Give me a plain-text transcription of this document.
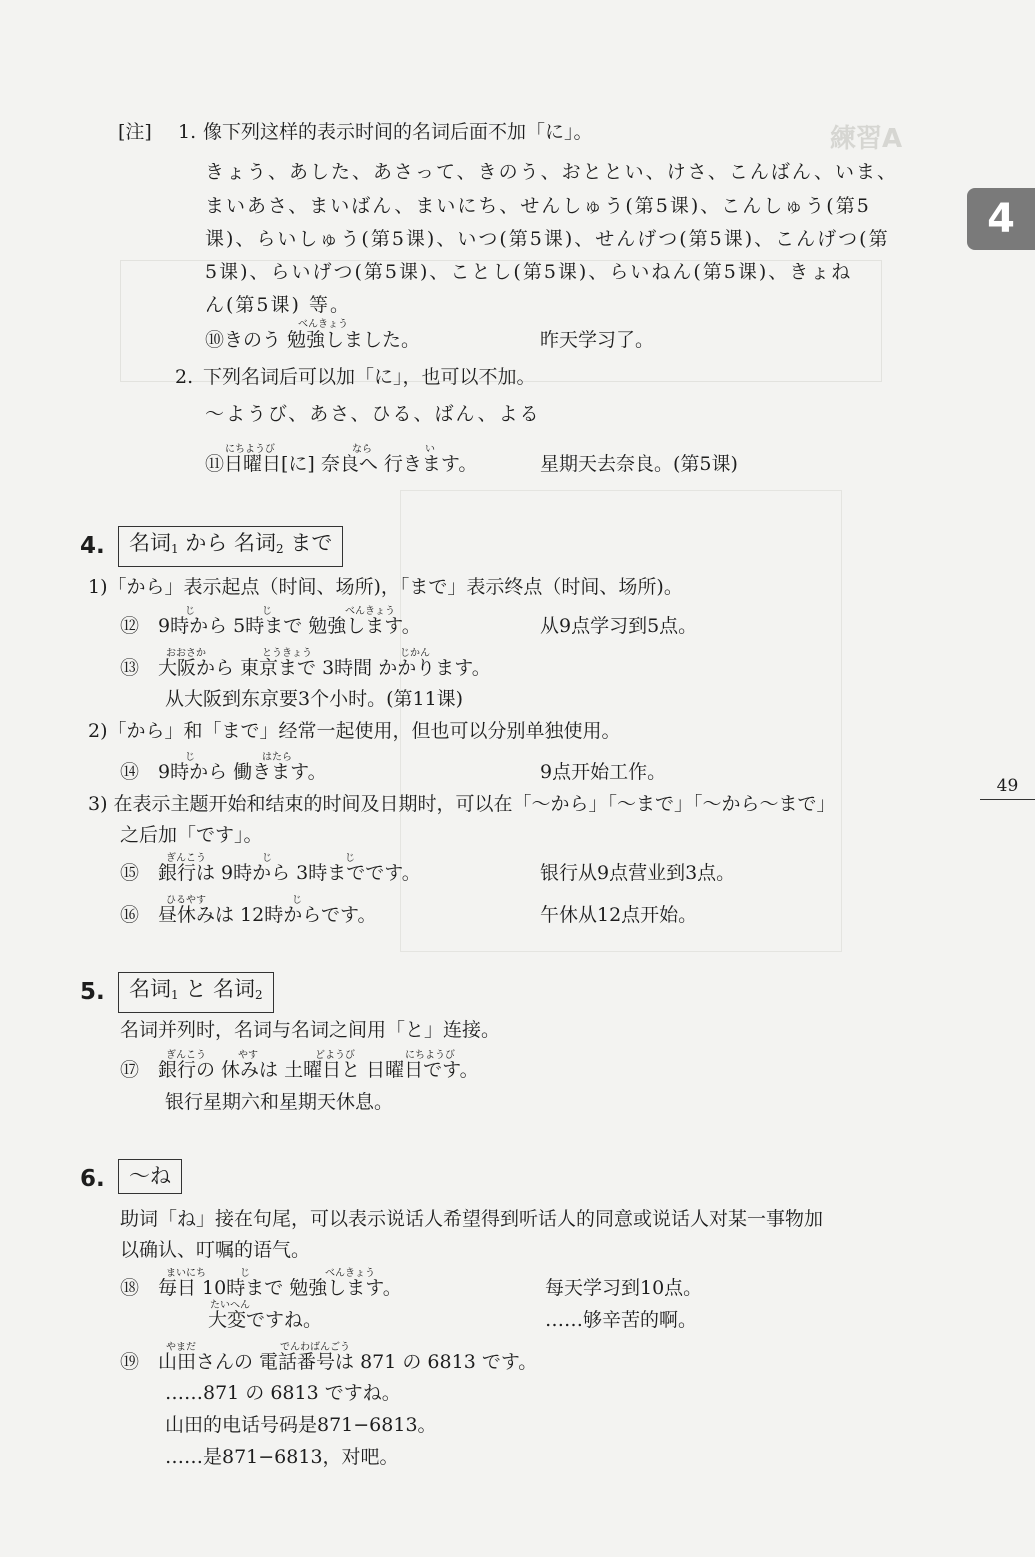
練習A
4
49
[注] 1. 像下列这样的表示时间的名词后面不加「に」。
きょう、あした、あさって、きのう、おととい、けさ、こんばん、いま、
まいあさ、まいばん、まいにち、せんしゅう(第5课)、こんしゅう(第5
课)、らいしゅう(第5课)、いつ(第5课)、せんげつ(第5课)、こんげつ(第
5课)、らいげつ(第5课)、ことし(第5课)、らいねん(第5课)、きょね
ん(第5课) 等。
べんきょう
⑩きのう 勉強しました。	昨天学习了。
2. 下列名词后可以加「に」，也可以不加。
～ようび、あさ、ひる、ばん、よる
にちようび	なら	い
⑪日曜日[に] 奈良へ 行きます。	星期天去奈良。(第5课)
4.	名词$_1$ から 名词$_2$ まで
1)「から」表示起点（时间、场所)，「まで」表示终点（时间、场所)。
じ	じ	べんきょう
⑫　9時から 5時まで 勉強します。	从9点学习到5点。
おおさか	とうきょう	じかん
⑬　大阪から 東京まで 3時間 かかります。
从大阪到东京要3个小时。(第11课)
2)「から」和「まで」经常一起使用，但也可以分别单独使用。
じ	はたら
⑭　9時から 働きます。	9点开始工作。
3) 在表示主题开始和结束的时间及日期时，可以在「～から」「～まで」「～から～まで」
之后加「です」。
ぎんこう	じ	じ
⑮　銀行は 9時から 3時までです。	银行从9点营业到3点。
ひるやす	じ
⑯　昼休みは 12時からです。	午休从12点开始。
5.	名词$_1$ と 名词$_2$
名词并列时，名词与名词之间用「と」连接。
ぎんこう	やす	どようび	にちようび
⑰　銀行の 休みは 土曜日と 日曜日です。
银行星期六和星期天休息。
6.	～ね
助词「ね」接在句尾，可以表示说话人希望得到听话人的同意或说话人对某一事物加
以确认、叮嘱的语气。
まいにち	じ	べんきょう
⑱　毎日 10時まで 勉強します。	每天学习到10点。
たいへん
大変ですね。	……够辛苦的啊。
やまだ	でんわばんごう
⑲　山田さんの 電話番号は 871 の 6813 です。
……871 の 6813 ですね。
山田的电话号码是871−6813。
……是871−6813，对吧。
